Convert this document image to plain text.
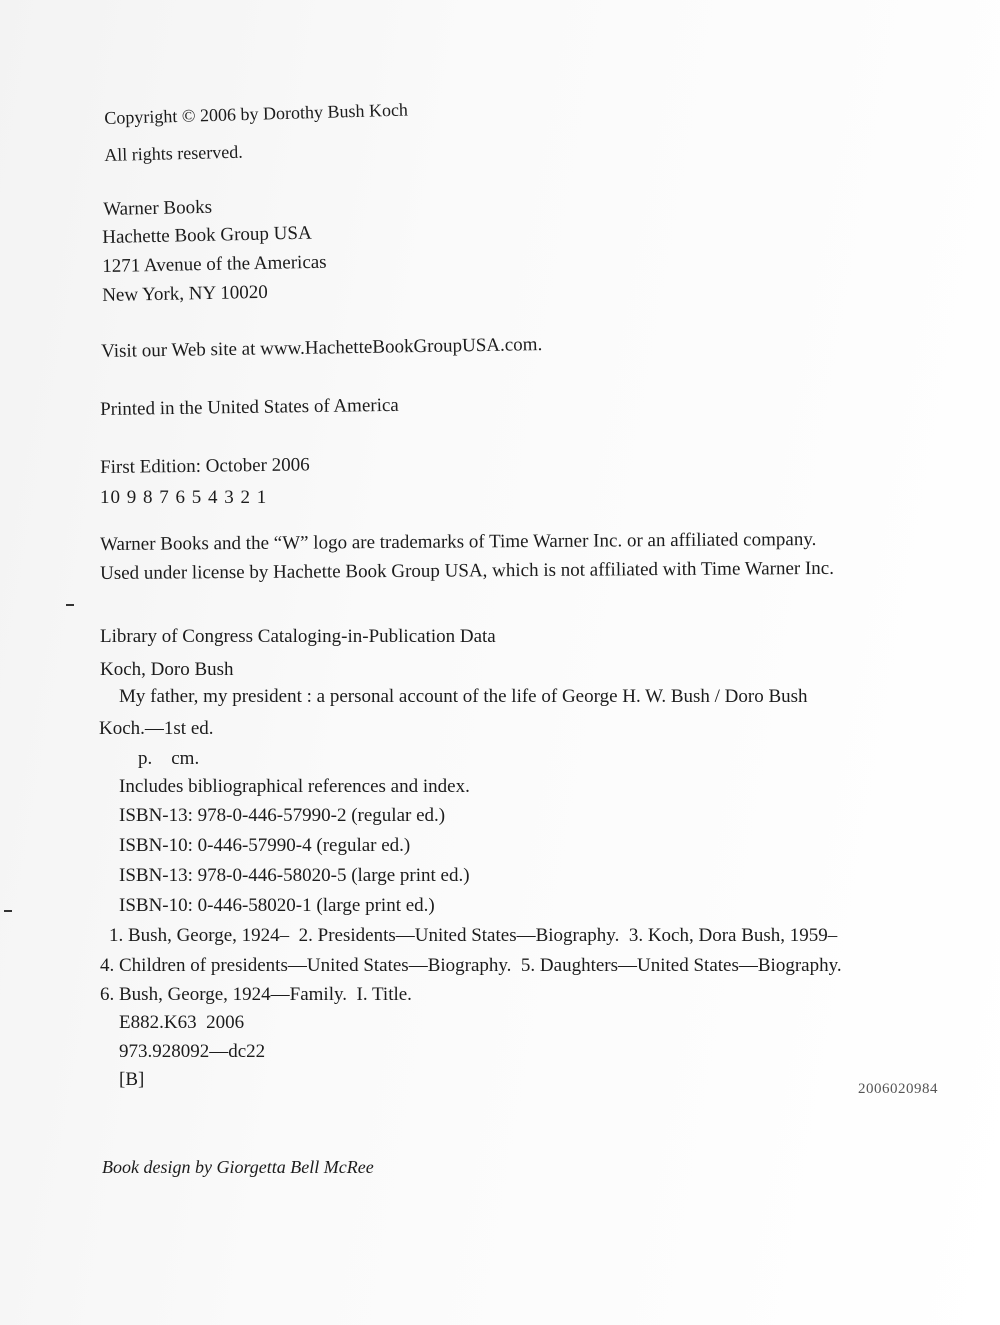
Copyright © 2006 by Dorothy Bush Koch
All rights reserved.
Warner Books
Hachette Book Group USA
1271 Avenue of the Americas
New York, NY 10020
Visit our Web site at www.HachetteBookGroupUSA.com.
Printed in the United States of America
First Edition: October 2006
10 9 8 7 6 5 4 3 2 1
Warner Books and the “W” logo are trademarks of Time Warner Inc. or an affiliated company.
Used under license by Hachette Book Group USA, which is not affiliated with Time Warner Inc.
Library of Congress Cataloging-in-Publication Data
Koch, Doro Bush
My father, my president : a personal account of the life of George H. W. Bush / Doro Bush
Koch.—1st ed.
p.    cm.
Includes bibliographical references and index.
ISBN-13: 978-0-446-57990-2 (regular ed.)
ISBN-10: 0-446-57990-4 (regular ed.)
ISBN-13: 978-0-446-58020-5 (large print ed.)
ISBN-10: 0-446-58020-1 (large print ed.)
1. Bush, George, 1924–  2. Presidents—United States—Biography.  3. Koch, Dora Bush, 1959–
4. Children of presidents—United States—Biography.  5. Daughters—United States—Biography.
6. Bush, George, 1924—Family.  I. Title.
E882.K63  2006
973.928092—dc22
[B]	2006020984
Book design by Giorgetta Bell McRee
